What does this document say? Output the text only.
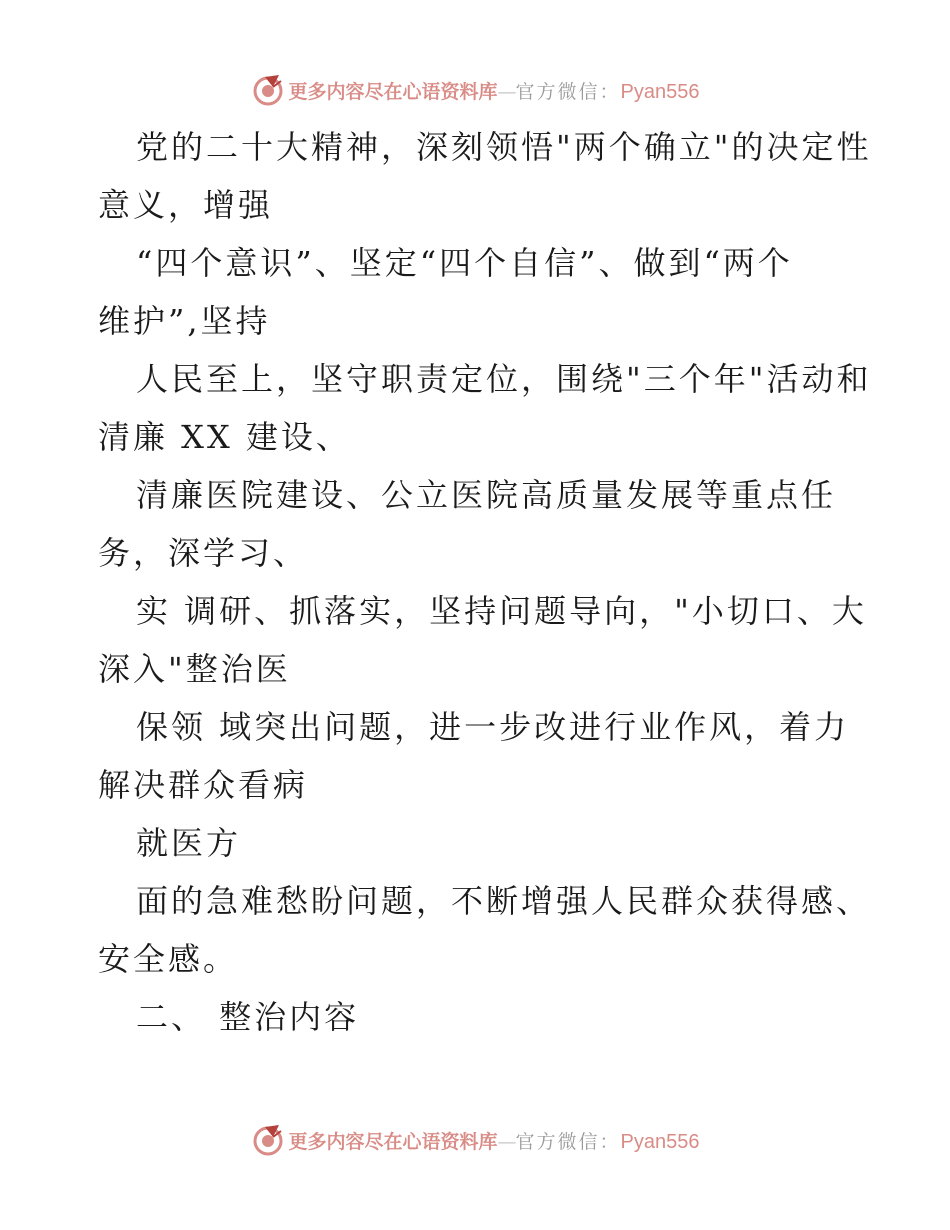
更多内容尽在心语资料库—官方微信：Pyan556
党的二十大精神，深刻领悟"两个确立"的决定性
意义，增强
“四个意识”、坚定“四个自信”、做到“两个
维护”,坚持
人民至上，坚守职责定位，围绕"三个年"活动和
清廉 XX 建设、
清廉医院建设、公立医院高质量发展等重点任
务，深学习、
实 调研、抓落实，坚持问题导向，"小切口、大
深入"整治医
保领 域突出问题，进一步改进行业作风，着力
解决群众看病
就医方
面的急难愁盼问题，不断增强人民群众获得感、
安全感。
二、 整治内容
更多内容尽在心语资料库—官方微信：Pyan556
